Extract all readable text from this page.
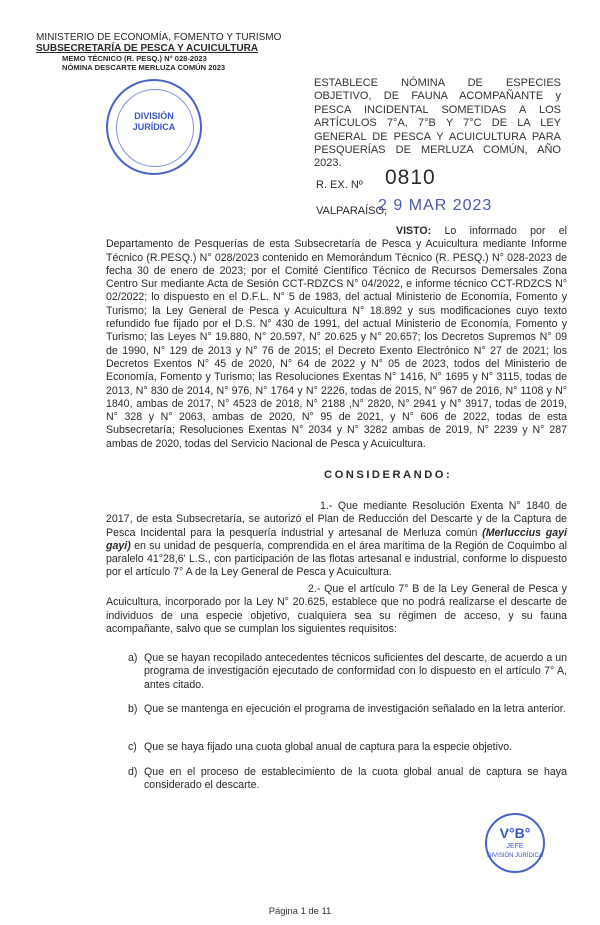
MINISTERIO DE ECONOMÍA, FOMENTO Y TURISMO
SUBSECRETARÍA DE PESCA Y ACUICULTURA
MEMO TÉCNICO (R. PESQ.) N° 028-2023
NÓMINA DESCARTE MERLUZA COMÚN 2023
DIVISIÓN
JURÍDICA
ESTABLECE NÓMINA DE ESPECIES OBJETIVO, DE FAUNA ACOMPAÑANTE y PESCA INCIDENTAL SOMETIDAS A LOS ARTÍCULOS 7°A, 7°B Y 7°C DE LA LEY GENERAL DE PESCA Y ACUICULTURA PARA PESQUERÍAS DE MERLUZA COMÚN, AÑO 2023.
R. EX. Nº 0810
VALPARAÍSO,
2 9 MAR 2023
VISTO: Lo informado por el Departamento de Pesquerías de esta Subsecretaría de Pesca y Acuicultura mediante Informe Técnico (R.PESQ.) N° 028/2023 contenido en Memorándum Técnico (R. PESQ.) N° 028-2023 de fecha 30 de enero de 2023; por el Comité Científico Técnico de Recursos Demersales Zona Centro Sur mediante Acta de Sesión CCT-RDZCS N° 04/2022, e informe técnico CCT-RDZCS N° 02/2022; lo dispuesto en el D.F.L. N° 5 de 1983, del actual Ministerio de Economía, Fomento y Turismo; la Ley General de Pesca y Acuicultura N° 18.892 y sus modificaciones cuyo texto refundido fue fijado por el D.S. N° 430 de 1991, del actual Ministerio de Economía, Fomento y Turismo; las Leyes N° 19.880, N° 20.597, N° 20.625 y N° 20.657; los Decretos Supremos N° 09 de 1990, N° 129 de 2013 y N° 76 de 2015; el Decreto Exento Electrónico N° 27 de 2021; los Decretos Exentos N° 45 de 2020, N° 64 de 2022 y N° 05 de 2023, todos del Ministerio de Economía, Fomento y Turismo; las Resoluciones Exentas N° 1416, N° 1695 y N° 3115, todas de 2013, N° 830 de 2014, N° 976, N° 1764 y N° 2226, todas de 2015, N° 967 de 2016, N° 1108 y N° 1840, ambas de 2017, N° 4523 de 2018, N° 2188 ,N° 2820, N° 2941 y N° 3917, todas de 2019, N° 328 y N° 2063, ambas de 2020, N° 95 de 2021, y N° 606 de 2022, todas de esta Subsecretaría; Resoluciones Exentas N° 2034 y N° 3282 ambas de 2019, N° 2239 y N° 287 ambas de 2020, todas del Servicio Nacional de Pesca y Acuicultura.
CONSIDERANDO:
1.- Que mediante Resolución Exenta N° 1840 de 2017, de esta Subsecretaría, se autorizó el Plan de Reducción del Descarte y de la Captura de Pesca Incidental para la pesquería industrial y artesanal de Merluza común (Merluccius gayi gayi) en su unidad de pesquería, comprendida en el área marítima de la Región de Coquimbo al paralelo 41°28,6' L.S., con participación de las flotas artesanal e industrial, conforme lo dispuesto por el artículo 7° A de la Ley General de Pesca y Acuicultura.
2.- Que el artículo 7° B de la Ley General de Pesca y Acuicultura, incorporado por la Ley N° 20.625, establece que no podrá realizarse el descarte de individuos de una especie objetivo, cualquiera sea su régimen de acceso, y su fauna acompañante, salvo que se cumplan los siguientes requisitos:
a) Que se hayan recopilado antecedentes técnicos suficientes del descarte, de acuerdo a un programa de investigación ejecutado de conformidad con lo dispuesto en el artículo 7° A, antes citado.
b) Que se mantenga en ejecución el programa de investigación señalado en la letra anterior.
c) Que se haya fijado una cuota global anual de captura para la especie objetivo.
d) Que en el proceso de establecimiento de la cuota global anual de captura se haya considerado el descarte.
V°B°
JEFE
DIVISIÓN JURÍDICA
Página 1 de 11
